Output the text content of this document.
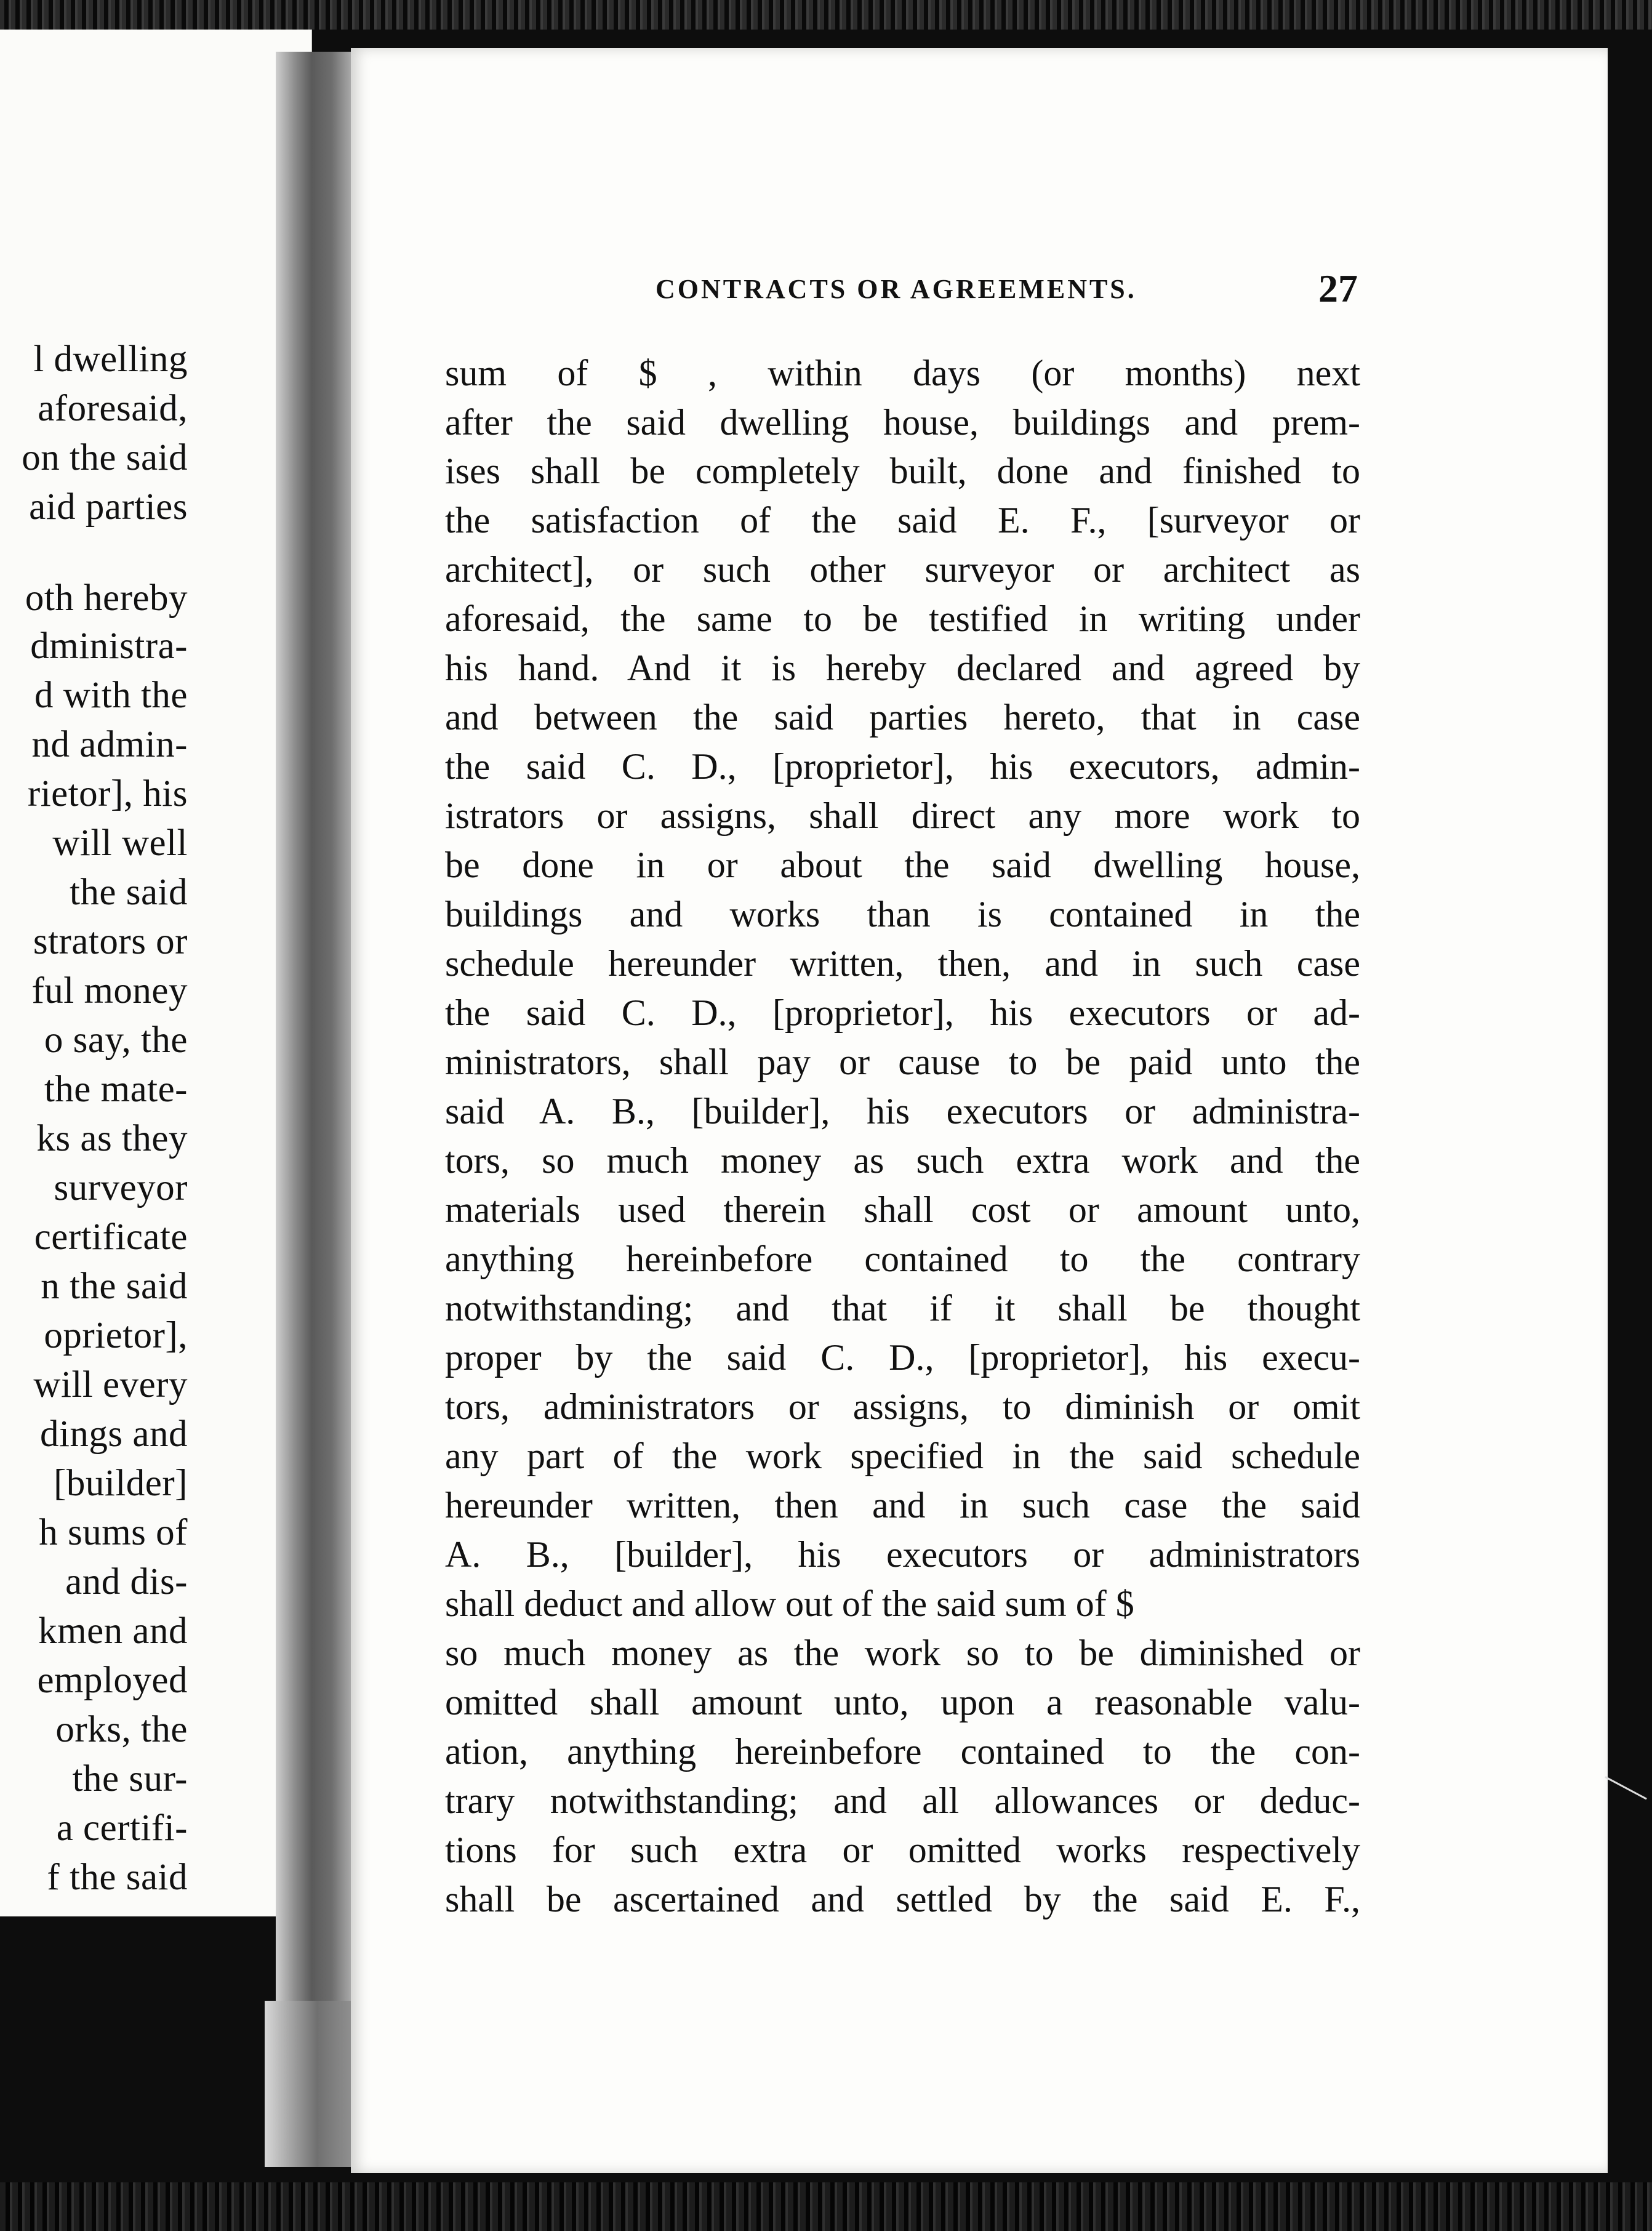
l dwelling
aforesaid,
on the said
aid parties
oth hereby
dministra-
d with the
nd admin-
rietor], his
will well
the said
strators or
ful money
o say, the
the mate-
ks as they
surveyor
certificate
n the said
oprietor],
will every
dings and
[builder]
h sums of
and dis-
kmen and
employed
orks, the
the sur-
a certifi-
f the said
CONTRACTS OR AGREEMENTS.	27
sum of $ , within days (or months) next
after the said dwelling house, buildings and prem-
ises shall be completely built, done and finished to
the satisfaction of the said E. F., [surveyor or
architect], or such other surveyor or architect as
aforesaid, the same to be testified in writing under
his hand. And it is hereby declared and agreed by
and between the said parties hereto, that in case
the said C. D., [proprietor], his executors, admin-
istrators or assigns, shall direct any more work to
be done in or about the said dwelling house,
buildings and works than is contained in the
schedule hereunder written, then, and in such case
the said C. D., [proprietor], his executors or ad-
ministrators, shall pay or cause to be paid unto the
said A. B., [builder], his executors or administra-
tors, so much money as such extra work and the
materials used therein shall cost or amount unto,
anything hereinbefore contained to the contrary
notwithstanding; and that if it shall be thought
proper by the said C. D., [proprietor], his execu-
tors, administrators or assigns, to diminish or omit
any part of the work specified in the said schedule
hereunder written, then and in such case the said
A. B., [builder], his executors or administrators
shall deduct and allow out of the said sum of $
so much money as the work so to be diminished or
omitted shall amount unto, upon a reasonable valu-
ation, anything hereinbefore contained to the con-
trary notwithstanding; and all allowances or deduc-
tions for such extra or omitted works respectively
shall be ascertained and settled by the said E. F.,
